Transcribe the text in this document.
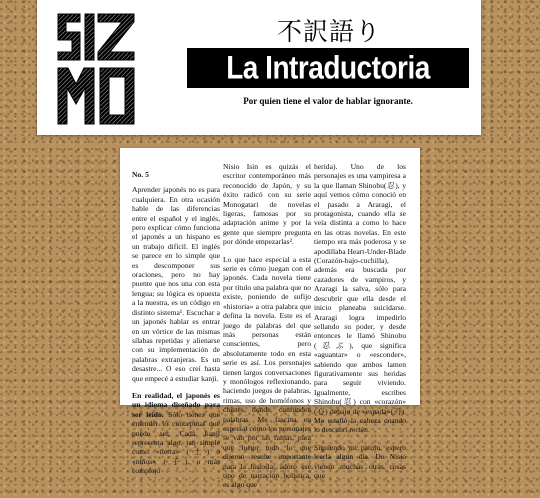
不訳語り
La Intraductoria
Por quien tiene el valor de hablar ignorante.
No. 5

Aprender japonés no es para cualquiera. En otra ocasión hable de las diferencias entre el español y el inglés, pero explicar cómo funciona el japonés a un hispano es un trabajo difícil. El inglés se parece en lo simple que es descomponer sus oraciones, pero no hay puente que nos una con esta lengua; su lógica es opuesta a la nuestra, es un código en distinto sistema¹. Escuchar a un japonés hablar es entrar en un vórtice de las mismas sílabas repetidas y alienarse con su implementación de palabras extranjeras. Es un desastre... O eso creí hasta que empecé a estudiar kanji.

En realidad, el japonés es un idioma diseñado para ser leído. Sólo tienes que entender lo conceptual que puede ser. Cada kanji representa algo, tan simple como «tierra» (土) o «niños» (子), o más complejo

Nisio Isin es quizás el escritor contemporáneo más reconocido de Japón, y su éxito radicó con su serie Monogatari de novelas ligeras, famosas por su adaptación anime y por la gente que siempre pregunta por dónde empezarlas².

Lo que hace especial a esta serie es cómo juegan con el japonés. Cada novela tiene por título una palabra que no existe, poniendo de sufijo «historia» a otra palabra que defina la novela. Este es el juego de palabras del que más personas están conscientes, pero absolutamente todo en esta serie es así. Los personajes tienen largos conversaciones y monólogos reflexionando, haciendo juegos de palabras, rimas, uso de homófonos y chistes donde confunden palabras. Me fascina en especial cómo los personajes se van por las ramas, para que luego todo lo que dijeron resulte importante para la historia; adoro ese tipo de narración holística, es algo que

herida). Uno de los personajes es una vampiresa a la que llaman Shinobu(忍), y aquí vemos cómo conoció en el pasado a Araragi, el protagonista, cuando ella se veía distinta a como lo hace en las otras novelas. En este tiempo era más poderosa y se apodillaba Heart-Under-Blade (Corazón-bajo-cuchilla), además era buscada por cazadores de vampiros, y Araragi la salva, sólo para descubrir que ella desde el inicio planeaba suicidarse. Araragi logra impedirlo sellando su poder, y desde entonces le llamó Shinobu (忍ぶ), que significa «aguantar» o «esconder», sabiendo que ambos lamen figurativamente sus heridas para seguir viviendo. Igualmente, escribes Shinobu(忍) con «corazón» (心) debajo de «espada»(刃). Me estalló la cabeza cuando lo descubrí recién.

Siguiendo mi patrón, espero leerla algún día. De Nisio vienen muchas otras cosas que
